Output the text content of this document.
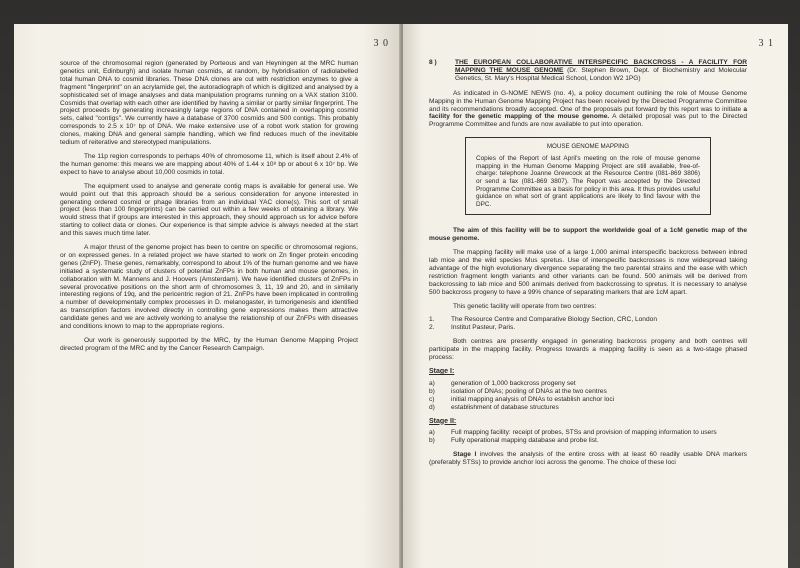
3 0

source of the chromosomal region (generated by Porteous and van Heyningen at the MRC human genetics unit, Edinburgh) and isolate human cosmids, at random, by hybridisation of radiolabelled total human DNA to cosmid libraries. These DNA clones are cut with restriction enzymes to give a fragment "fingerprint" on an acrylamide gel, the autoradiograph of which is digitized and analysed by a sophisticated set of image analyses and data manipulation programs running on a VAX station 3100. Cosmids that overlap with each other are identified by having a similar or partly similar fingerprint. The project proceeds by generating increasingly large regions of DNA contained in overlapping cosmid sets, called "contigs". We currently have a database of 3700 cosmids and 500 contigs. This probably corresponds to 2.5 x 10⁷ bp of DNA. We make extensive use of a robot work station for growing clones, making DNA and general sample handling, which we find reduces much of the inevitable tedium of reiterative and stereotyped manipulations.

The 11p region corresponds to perhaps 40% of chromosome 11, which is itself about 2.4% of the human genome: this means we are mapping about 40% of 1.44 x 10⁸ bp or about 6 x 10⁷ bp. We expect to have to analyse about 10,000 cosmids in total.

The equipment used to analyse and generate contig maps is available for general use. We would point out that this approach should be a serious consideration for anyone interested in generating ordered cosmid or phage libraries from an individual YAC clone(s). This sort of small project (less than 100 fingerprints) can be carried out within a few weeks of obtaining a library. We would stress that if groups are interested in this approach, they should approach us for advice before starting to collect data or clones. Our experience is that simple advice is always needed at the start and this saves much time later.

A major thrust of the genome project has been to centre on specific or chromosomal regions, or on expressed genes. In a related project we have started to work on Zn finger protein encoding genes (ZnFP). These genes, remarkably, correspond to about 1% of the human genome and we have initiated a systematic study of clusters of potential ZnFPs in both human and mouse genomes, in collaboration with M. Mannens and J. Hoovers (Amsterdam). We have identified clusters of ZnFPs in several provocative positions on the short arm of chromosomes 3, 11, 19 and 20, and in similarly interesting regions of 19q, and the pericentric region of 21. ZnFPs have been implicated in controlling a number of developmentally complex processes in D. melanogaster, in tumorigenesis and identified as transcription factors involved directly in controlling gene expressions makes them attractive candidate genes and we are actively working to analyse the relationship of our ZnFPs with diseases and conditions known to map to the appropriate regions.

Our work is generously supported by the MRC, by the Human Genome Mapping Project directed program of the MRC and by the Cancer Research Campaign.

3 1
8 )	THE EUROPEAN COLLABORATIVE INTERSPECIFIC BACKCROSS - A FACILITY FOR MAPPING THE MOUSE GENOME (Dr. Stephen Brown, Dept. of Biochemistry and Molecular Genetics, St. Mary's Hospital Medical School, London W2 1PG)

As indicated in G-NOME NEWS (no. 4), a policy document outlining the role of Mouse Genome Mapping in the Human Genome Mapping Project has been received by the Directed Programme Committee and its recommendations broadly accepted. One of the proposals put forward by this report was to initiate a facility for the genetic mapping of the mouse genome. A detailed proposal was put to the Directed Programme Committee and funds are now available to put into operation.

MOUSE GENOME MAPPING
Copies of the Report of last April's meeting on the role of mouse genome mapping in the Human Genome Mapping Project are still available, free-of-charge: telephone Joanne Grewcock at the Resource Centre (081-869 3806) or send a fax (081-869 3807). The Report was accepted by the Directed Programme Committee as a basis for policy in this area. It thus provides useful guidance on what sort of grant applications are likely to find favour with the DPC.

The aim of this facility will be to support the worldwide goal of a 1cM genetic map of the mouse genome.

The mapping facility will make use of a large 1,000 animal interspecific backcross between inbred lab mice and the wild species Mus spretus. Use of interspecific backcrosses is now widespread taking advantage of the high evolutionary divergence separating the two parental strains and the ease with which restriction fragment length variants and other variants can be found. 500 animals will be derived from backcrossing to lab mice and 500 animals derived from backcrossing to spretus. It is necessary to analyse 500 backcross progeny to have a 99% chance of separating markers that are 1cM apart.

This genetic facility will operate from two centres:

1.	The Resource Centre and Comparative Biology Section, CRC, London
2.	Institut Pasteur, Paris.

Both centres are presently engaged in generating backcross progeny and both centres will participate in the mapping facility. Progress towards a mapping facility is seen as a two-stage phased process:

Stage I:
a)	generation of 1,000 backcross progeny set
b)	isolation of DNAs; pooling of DNAs at the two centres
c)	initial mapping analysis of DNAs to establish anchor loci
d)	establishment of database structures
Stage II:
a)	Full mapping facility: receipt of probes, STSs and provision of mapping information to users
b)	Fully operational mapping database and probe list.

Stage I involves the analysis of the entire cross with at least 60 readily usable DNA markers (preferably STSs) to provide anchor loci across the genome. The choice of these loci
